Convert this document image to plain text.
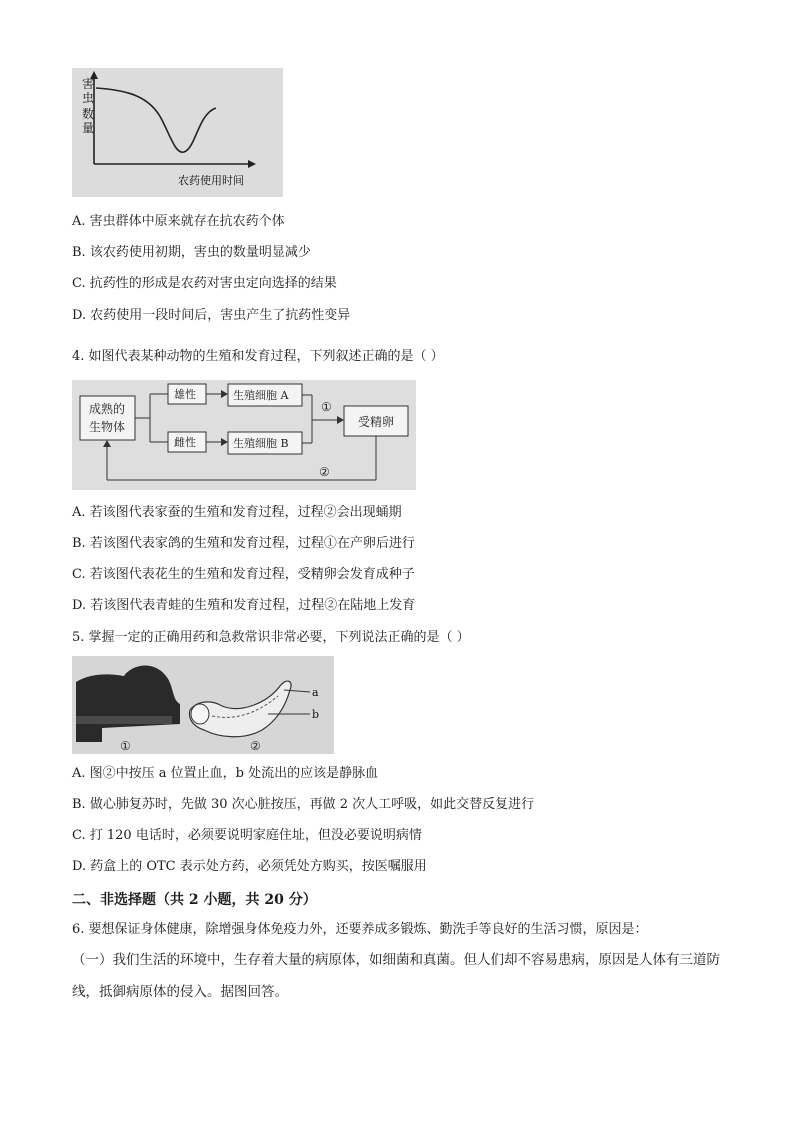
害
虫
数
量
农药使用时间
A. 害虫群体中原来就存在抗农药个体
B. 该农药使用初期，害虫的数量明显减少
C. 抗药性的形成是农药对害虫定向选择的结果
D. 农药使用一段时间后，害虫产生了抗药性变异
4. 如图代表某种动物的生殖和发育过程，下列叙述正确的是（ ）
成熟的
生物体
雄性
雌性
生殖细胞 A
生殖细胞 B
①
受精卵
②
A. 若该图代表家蚕的生殖和发育过程，过程②会出现蛹期
B. 若该图代表家鸽的生殖和发育过程，过程①在产卵后进行
C. 若该图代表花生的生殖和发育过程，受精卵会发育成种子
D. 若该图代表青蛙的生殖和发育过程，过程②在陆地上发育
5. 掌握一定的正确用药和急救常识非常必要，下列说法正确的是（ ）
①
a
b
②
A. 图②中按压 a 位置止血，b 处流出的应该是静脉血
B. 做心肺复苏时，先做 30 次心脏按压，再做 2 次人工呼吸，如此交替反复进行
C. 打 120 电话时，必须要说明家庭住址，但没必要说明病情
D. 药盒上的 OTC 表示处方药，必须凭处方购买，按医嘱服用
二、非选择题（共 2 小题，共 20 分）
6. 要想保证身体健康，除增强身体免疫力外，还要养成多锻炼、勤洗手等良好的生活习惯，原因是：
（一）我们生活的环境中，生存着大量的病原体，如细菌和真菌。但人们却不容易患病，原因是人体有三道防线，抵御病原体的侵入。据图回答。
